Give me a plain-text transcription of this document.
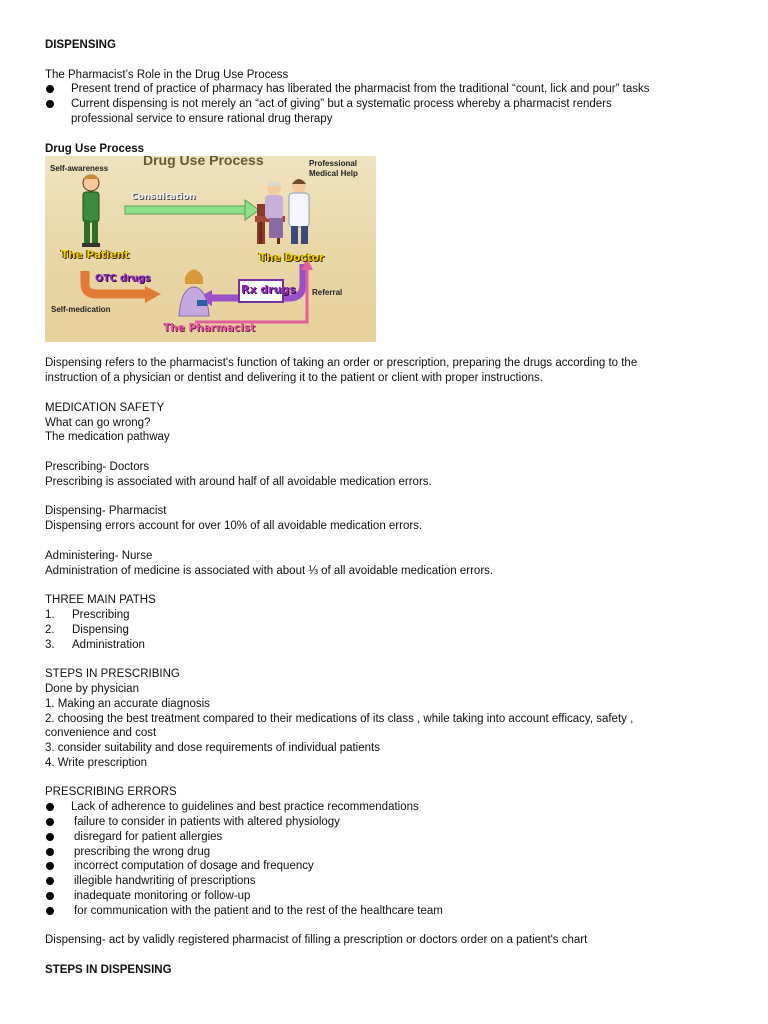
DISPENSING
The Pharmacist’s Role in the Drug Use Process
Present trend of practice of pharmacy has liberated the pharmacist from the traditional “count, lick and pour” tasks
Current dispensing is not merely an “act of giving” but a systematic process whereby a pharmacist renders
professional service to ensure rational drug therapy
Drug Use Process
Self-awareness
Drug Use Process	Professional Medical Help
Consultation
The Patient	The Doctor
OTC drugs
Rx drugs Referral
Self-medication
The Pharmacist
Dispensing refers to the pharmacist's function of taking an order or prescription, preparing the drugs according to the
instruction of a physician or dentist and delivering it to the patient or client with proper instructions.
MEDICATION SAFETY
What can go wrong?
The medication pathway
Prescribing- Doctors
Prescribing is associated with around half of all avoidable medication errors.
Dispensing- Pharmacist
Dispensing errors account for over 10% of all avoidable medication errors.
Administering- Nurse
Administration of medicine is associated with about ⅓ of all avoidable medication errors.
THREE MAIN PATHS
1.	Prescribing
2.	Dispensing
3.	Administration
STEPS IN PRESCRIBING
Done by physician
1. Making an accurate diagnosis
2. choosing the best treatment compared to their medications of its class , while taking into account efficacy, safety ,
convenience and cost
3. consider suitability and dose requirements of individual patients
4. Write prescription
PRESCRIBING ERRORS
Lack of adherence to guidelines and best practice recommendations
failure to consider in patients with altered physiology
disregard for patient allergies
prescribing the wrong drug
incorrect computation of dosage and frequency
illegible handwriting of prescriptions
inadequate monitoring or follow-up
for communication with the patient and to the rest of the healthcare team
Dispensing- act by validly registered pharmacist of filling a prescription or doctors order on a patient's chart
STEPS IN DISPENSING
